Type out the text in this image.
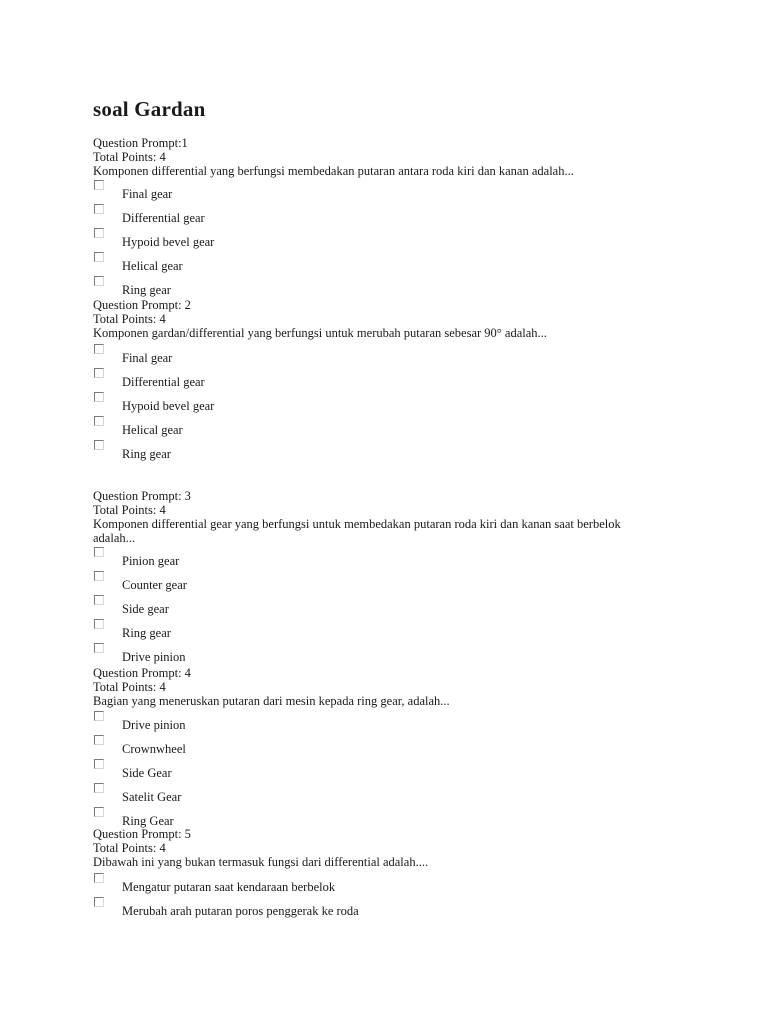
soal Gardan
Question Prompt:1
Total Points: 4
Komponen differential yang berfungsi membedakan putaran antara roda kiri dan kanan adalah...
Final gear
Differential gear
Hypoid bevel gear
Helical gear
Ring gear
Question Prompt: 2
Total Points: 4
Komponen gardan/differential yang berfungsi untuk merubah putaran sebesar 90° adalah...
Final gear
Differential gear
Hypoid bevel gear
Helical gear
Ring gear
Question Prompt: 3
Total Points: 4
Komponen differential gear yang berfungsi untuk membedakan putaran roda kiri dan kanan saat berbelok adalah...
Pinion gear
Counter gear
Side gear
Ring gear
Drive pinion
Question Prompt: 4
Total Points: 4
Bagian yang meneruskan putaran dari mesin kepada ring gear, adalah...
Drive pinion
Crownwheel
Side Gear
Satelit Gear
Ring Gear
Question Prompt: 5
Total Points: 4
Dibawah ini yang bukan termasuk fungsi dari differential adalah....
Mengatur putaran saat kendaraan berbelok
Merubah arah putaran poros penggerak ke roda
